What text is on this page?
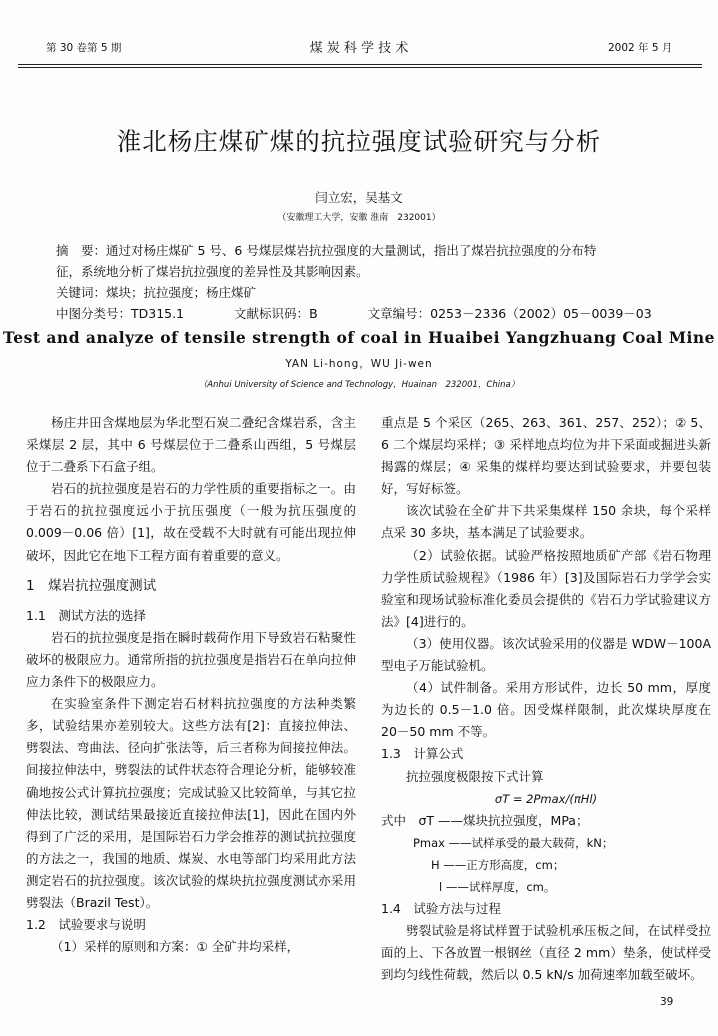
第 30 卷第 5 期	煤 炭 科 学 技 术	2002 年 5 月
淮北杨庄煤矿煤的抗拉强度试验研究与分析
闫立宏，吴基文
（安徽理工大学，安徽 淮南　232001）

摘　要：通过对杨庄煤矿 5 号、6 号煤层煤岩抗拉强度的大量测试，指出了煤岩抗拉强度的分布特

征，系统地分析了煤岩抗拉强度的差异性及其影响因素。

关键词：煤块；抗拉强度；杨庄煤矿

中图分类号：TD315.1	文献标识码：B	文章编号：0253－2336（2002）05－0039－03

Test and analyze of tensile strength of coal in Huaibei Yangzhuang Coal Mine
YAN Li-hong，WU Ji-wen
（Anhui University of Science and Technology，Huainan　232001，China）

杨庄井田含煤地层为华北型石炭二叠纪含煤岩系，含主采煤层 2 层，其中 6 号煤层位于二叠系山西组，5 号煤层位于二叠系下石盒子组。

岩石的抗拉强度是岩石的力学性质的重要指标之一。由于岩石的抗拉强度远小于抗压强度（一般为抗压强度的 0.009－0.06 倍）[1]，故在受载不大时就有可能出现拉伸破坏，因此它在地下工程方面有着重要的意义。

1　煤岩抗拉强度测试

1.1　测试方法的选择

岩石的抗拉强度是指在瞬时载荷作用下导致岩石粘聚性破坏的极限应力。通常所指的抗拉强度是指岩石在单向拉伸应力条件下的极限应力。

在实验室条件下测定岩石材料抗拉强度的方法种类繁多，试验结果亦差别较大。这些方法有[2]：直接拉伸法、劈裂法、弯曲法、径向扩张法等，后三者称为间接拉伸法。间接拉伸法中，劈裂法的试件状态符合理论分析，能够较准确地按公式计算抗拉强度；完成试验又比较简单，与其它拉伸法比较，测试结果最接近直接拉伸法[1]，因此在国内外得到了广泛的采用，是国际岩石力学会推荐的测试抗拉强度的方法之一，我国的地质、煤炭、水电等部门均采用此方法测定岩石的抗拉强度。该次试验的煤块抗拉强度测试亦采用劈裂法（Brazil Test）。

1.2　试验要求与说明

（1）采样的原则和方案：① 全矿井均采样，

重点是 5 个采区（265、263、361、257、252）；② 5、6 二个煤层均采样；③ 采样地点均位为井下采面或掘进头新揭露的煤层；④ 采集的煤样均要达到试验要求，并要包装好，写好标签。

该次试验在全矿井下共采集煤样 150 余块，每个采样点采 30 多块，基本满足了试验要求。

（2）试验依据。试验严格按照地质矿产部《岩石物理力学性质试验规程》（1986 年）[3]及国际岩石力学学会实验室和现场试验标准化委员会提供的《岩石力学试验建议方法》[4]进行的。

（3）使用仪器。该次试验采用的仪器是 WDW－100A 型电子万能试验机。

（4）试件制备。采用方形试件，边长 50 mm，厚度为边长的 0.5－1.0 倍。因受煤样限制，此次煤块厚度在 20－50 mm 不等。

1.3　计算公式

抗拉强度极限按下式计算

σT = 2Pmax/(πHl)

式中　σT ——煤块抗拉强度，MPa；

Pmax ——试样承受的最大载荷，kN；

H ——正方形高度，cm；

l ——试样厚度，cm。

1.4　试验方法与过程

劈裂试验是将试样置于试验机承压板之间，在试样受拉面的上、下各放置一根钢丝（直径 2 mm）垫条，使试样受到均匀线性荷载，然后以 0.5 kN/s 加荷速率加载至破坏。

39
